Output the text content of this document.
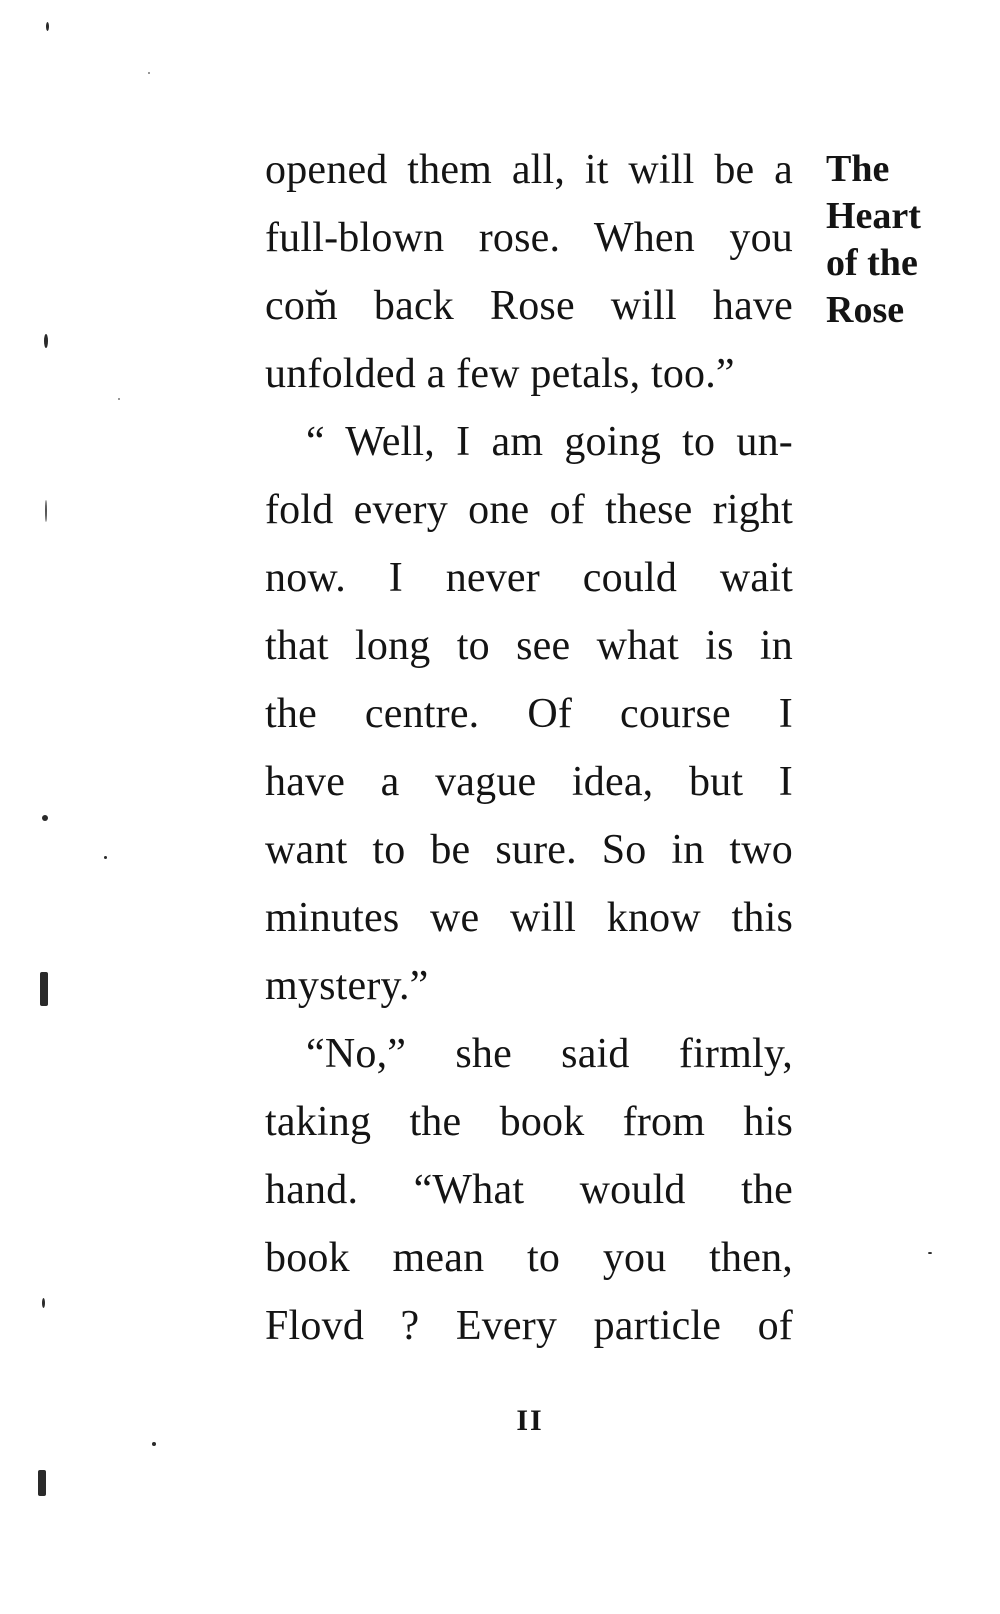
opened them all, it will be a
full-blown rose. When you
com̆ back Rose will have
unfolded a few petals, too.”
“ Well, I am going to un-
fold every one of these right
now. I never could wait
that long to see what is in
the centre. Of course I
have a vague idea, but I
want to be sure. So in two
minutes we will know this
mystery.”
“No,” she said firmly,
taking the book from his
hand. “What would the
book mean to you then,
Flovd ? Every particle of
The
Heart
of the
Rose
II
